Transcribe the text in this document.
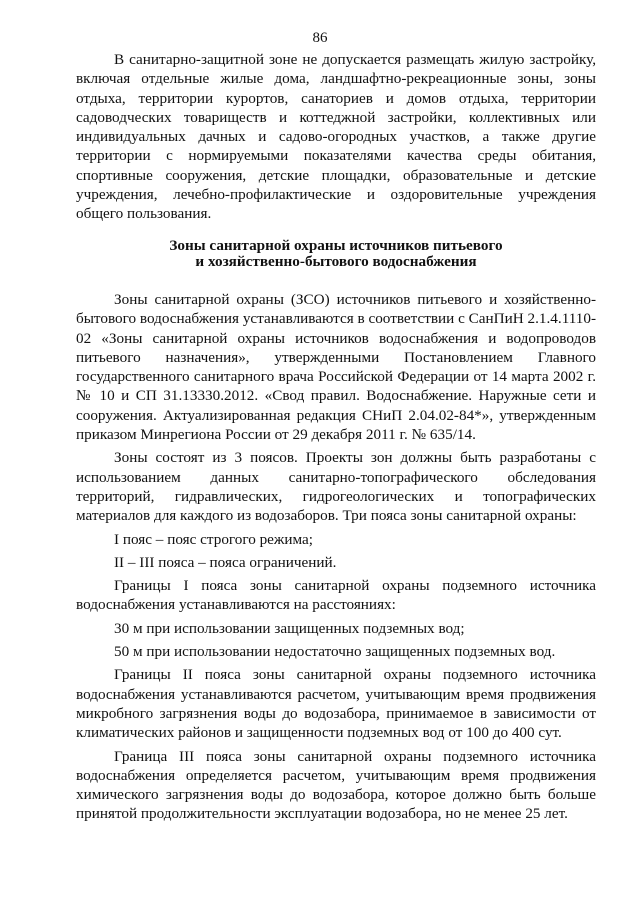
86

В санитарно-защитной зоне не допускается размещать жилую застройку, включая отдельные жилые дома, ландшафтно-рекреационные зоны, зоны отдыха, территории курортов, санаториев и домов отдыха, территории садоводческих товариществ и коттеджной застройки, коллективных или индивидуальных дачных и садово-огородных участков, а также другие территории с нормируемыми показателями качества среды обитания, спортивные сооружения, детские площадки, образовательные и детские учреждения, лечебно-профилактические и оздоровительные учреждения общего пользования.

Зоны санитарной охраны источников питьевого
и хозяйственно-бытового водоснабжения

Зоны санитарной охраны (ЗСО) источников питьевого и хозяйственно-бытового водоснабжения устанавливаются в соответствии с СанПиН 2.1.4.1110-02 «Зоны санитарной охраны источников водоснабжения и водопроводов питьевого назначения», утвержденными Постановлением Главного государственного санитарного врача Российской Федерации от 14 марта 2002 г. № 10 и СП 31.13330.2012. «Свод правил. Водоснабжение. Наружные сети и сооружения. Актуализированная редакция СНиП 2.04.02-84*», утвержденным приказом Минрегиона России от 29 декабря 2011 г. № 635/14.

Зоны состоят из 3 поясов. Проекты зон должны быть разработаны с использованием данных санитарно-топографического обследования территорий, гидравлических, гидрогеологических и топографических материалов для каждого из водозаборов. Три пояса зоны санитарной охраны:

I пояс – пояс строгого режима;

II – III пояса – пояса ограничений.

Границы I пояса зоны санитарной охраны подземного источника водоснабжения устанавливаются на расстояниях:

30 м при использовании защищенных подземных вод;

50 м при использовании недостаточно защищенных подземных вод.

Границы II пояса зоны санитарной охраны подземного источника водоснабжения устанавливаются расчетом, учитывающим время продвижения микробного загрязнения воды до водозабора, принимаемое в зависимости от климатических районов и защищенности подземных вод от 100 до 400 сут.

Граница III пояса зоны санитарной охраны подземного источника водоснабжения определяется расчетом, учитывающим время продвижения химического загрязнения воды до водозабора, которое должно быть больше принятой продолжительности эксплуатации водозабора, но не менее 25 лет.
